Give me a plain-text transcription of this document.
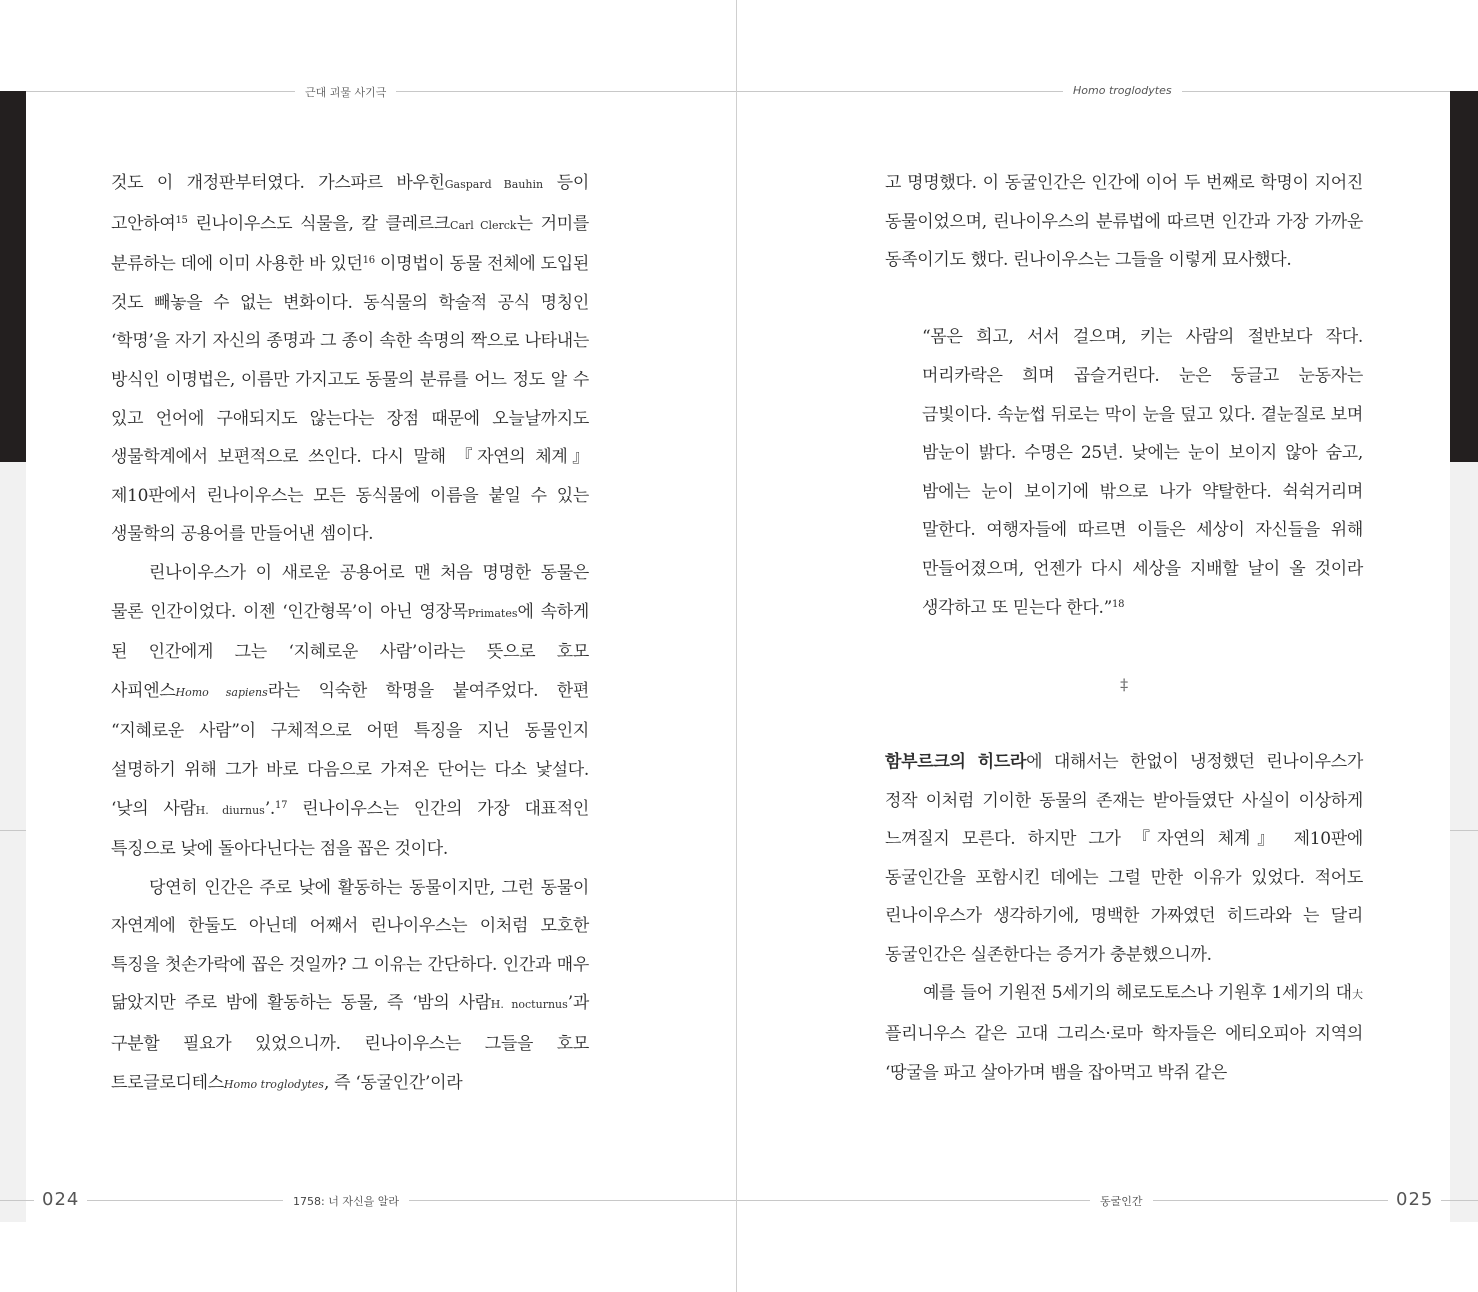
근대 괴물 사기극	Homo troglodytes
024	1758: 너 자신을 알라	동굴인간	025

것도 이 개정판부터였다. 가스파르 바우힌Gaspard Bauhin 등이 고안하여$^{15}$ 린나이우스도 식물을, 칼 클레르크Carl Clerck는 거미를 분류하는 데에 이미 사용한 바 있던$^{16}$ 이명법이 동물 전체에 도입된 것도 빼놓을 수 없는 변화이다. 동식물의 학술적 공식 명칭인 ‘학명’을 자기 자신의 종명과 그 종이 속한 속명의 짝으로 나타내는 방식인 이명법은, 이름만 가지고도 동물의 분류를 어느 정도 알 수 있고 언어에 구애되지도 않는다는 장점 때문에 오늘날까지도 생물학계에서 보편적으로 쓰인다. 다시 말해 『자연의 체계』 제10판에서 린나이우스는 모든 동식물에 이름을 붙일 수 있는 생물학의 공용어를 만들어낸 셈이다.

린나이우스가 이 새로운 공용어로 맨 처음 명명한 동물은 물론 인간이었다. 이젠 ‘인간형목’이 아닌 영장목Primates에 속하게 된 인간에게 그는 ‘지혜로운 사람’이라는 뜻으로 호모 사피엔스Homo sapiens라는 익숙한 학명을 붙여주었다. 한편 “지혜로운 사람”이 구체적으로 어떤 특징을 지닌 동물인지 설명하기 위해 그가 바로 다음으로 가져온 단어는 다소 낯설다. ‘낮의 사람H. diurnus’.$^{17}$ 린나이우스는 인간의 가장 대표적인 특징으로 낮에 돌아다닌다는 점을 꼽은 것이다.

당연히 인간은 주로 낮에 활동하는 동물이지만, 그런 동물이 자연계에 한둘도 아닌데 어째서 린나이우스는 이처럼 모호한 특징을 첫손가락에 꼽은 것일까? 그 이유는 간단하다. 인간과 매우 닮았지만 주로 밤에 활동하는 동물, 즉 ‘밤의 사람H. nocturnus’과 구분할 필요가 있었으니까. 린나이우스는 그들을 호모 트로글로디테스Homo troglodytes, 즉 ‘동굴인간’이라

고 명명했다. 이 동굴인간은 인간에 이어 두 번째로 학명이 지어진 동물이었으며, 린나이우스의 분류법에 따르면 인간과 가장 가까운 동족이기도 했다. 린나이우스는 그들을 이렇게 묘사했다.

“몸은 희고, 서서 걸으며, 키는 사람의 절반보다 작다. 머리카락은 희며 곱슬거린다. 눈은 둥글고 눈동자는 금빛이다. 속눈썹 뒤로는 막이 눈을 덮고 있다. 곁눈질로 보며 밤눈이 밝다. 수명은 25년. 낮에는 눈이 보이지 않아 숨고, 밤에는 눈이 보이기에 밖으로 나가 약탈한다. 쉭쉭거리며 말한다. 여행자들에 따르면 이들은 세상이 자신들을 위해 만들어졌으며, 언젠가 다시 세상을 지배할 날이 올 것이라 생각하고 또 믿는다 한다.”$^{18}$

‡

함부르크의 히드라에 대해서는 한없이 냉정했던 린나이우스가 정작 이처럼 기이한 동물의 존재는 받아들였단 사실이 이상하게 느껴질지 모른다. 하지만 그가 『자연의 체계』 제10판에 동굴인간을 포함시킨 데에는 그럴 만한 이유가 있었다. 적어도 린나이우스가 생각하기에, 명백한 가짜였던 히드라와 는 달리 동굴인간은 실존한다는 증거가 충분했으니까.

예를 들어 기원전 5세기의 헤로도토스나 기원후 1세기의 대大 플리니우스 같은 고대 그리스·로마 학자들은 에티오피아 지역의 ‘땅굴을 파고 살아가며 뱀을 잡아먹고 박쥐 같은
